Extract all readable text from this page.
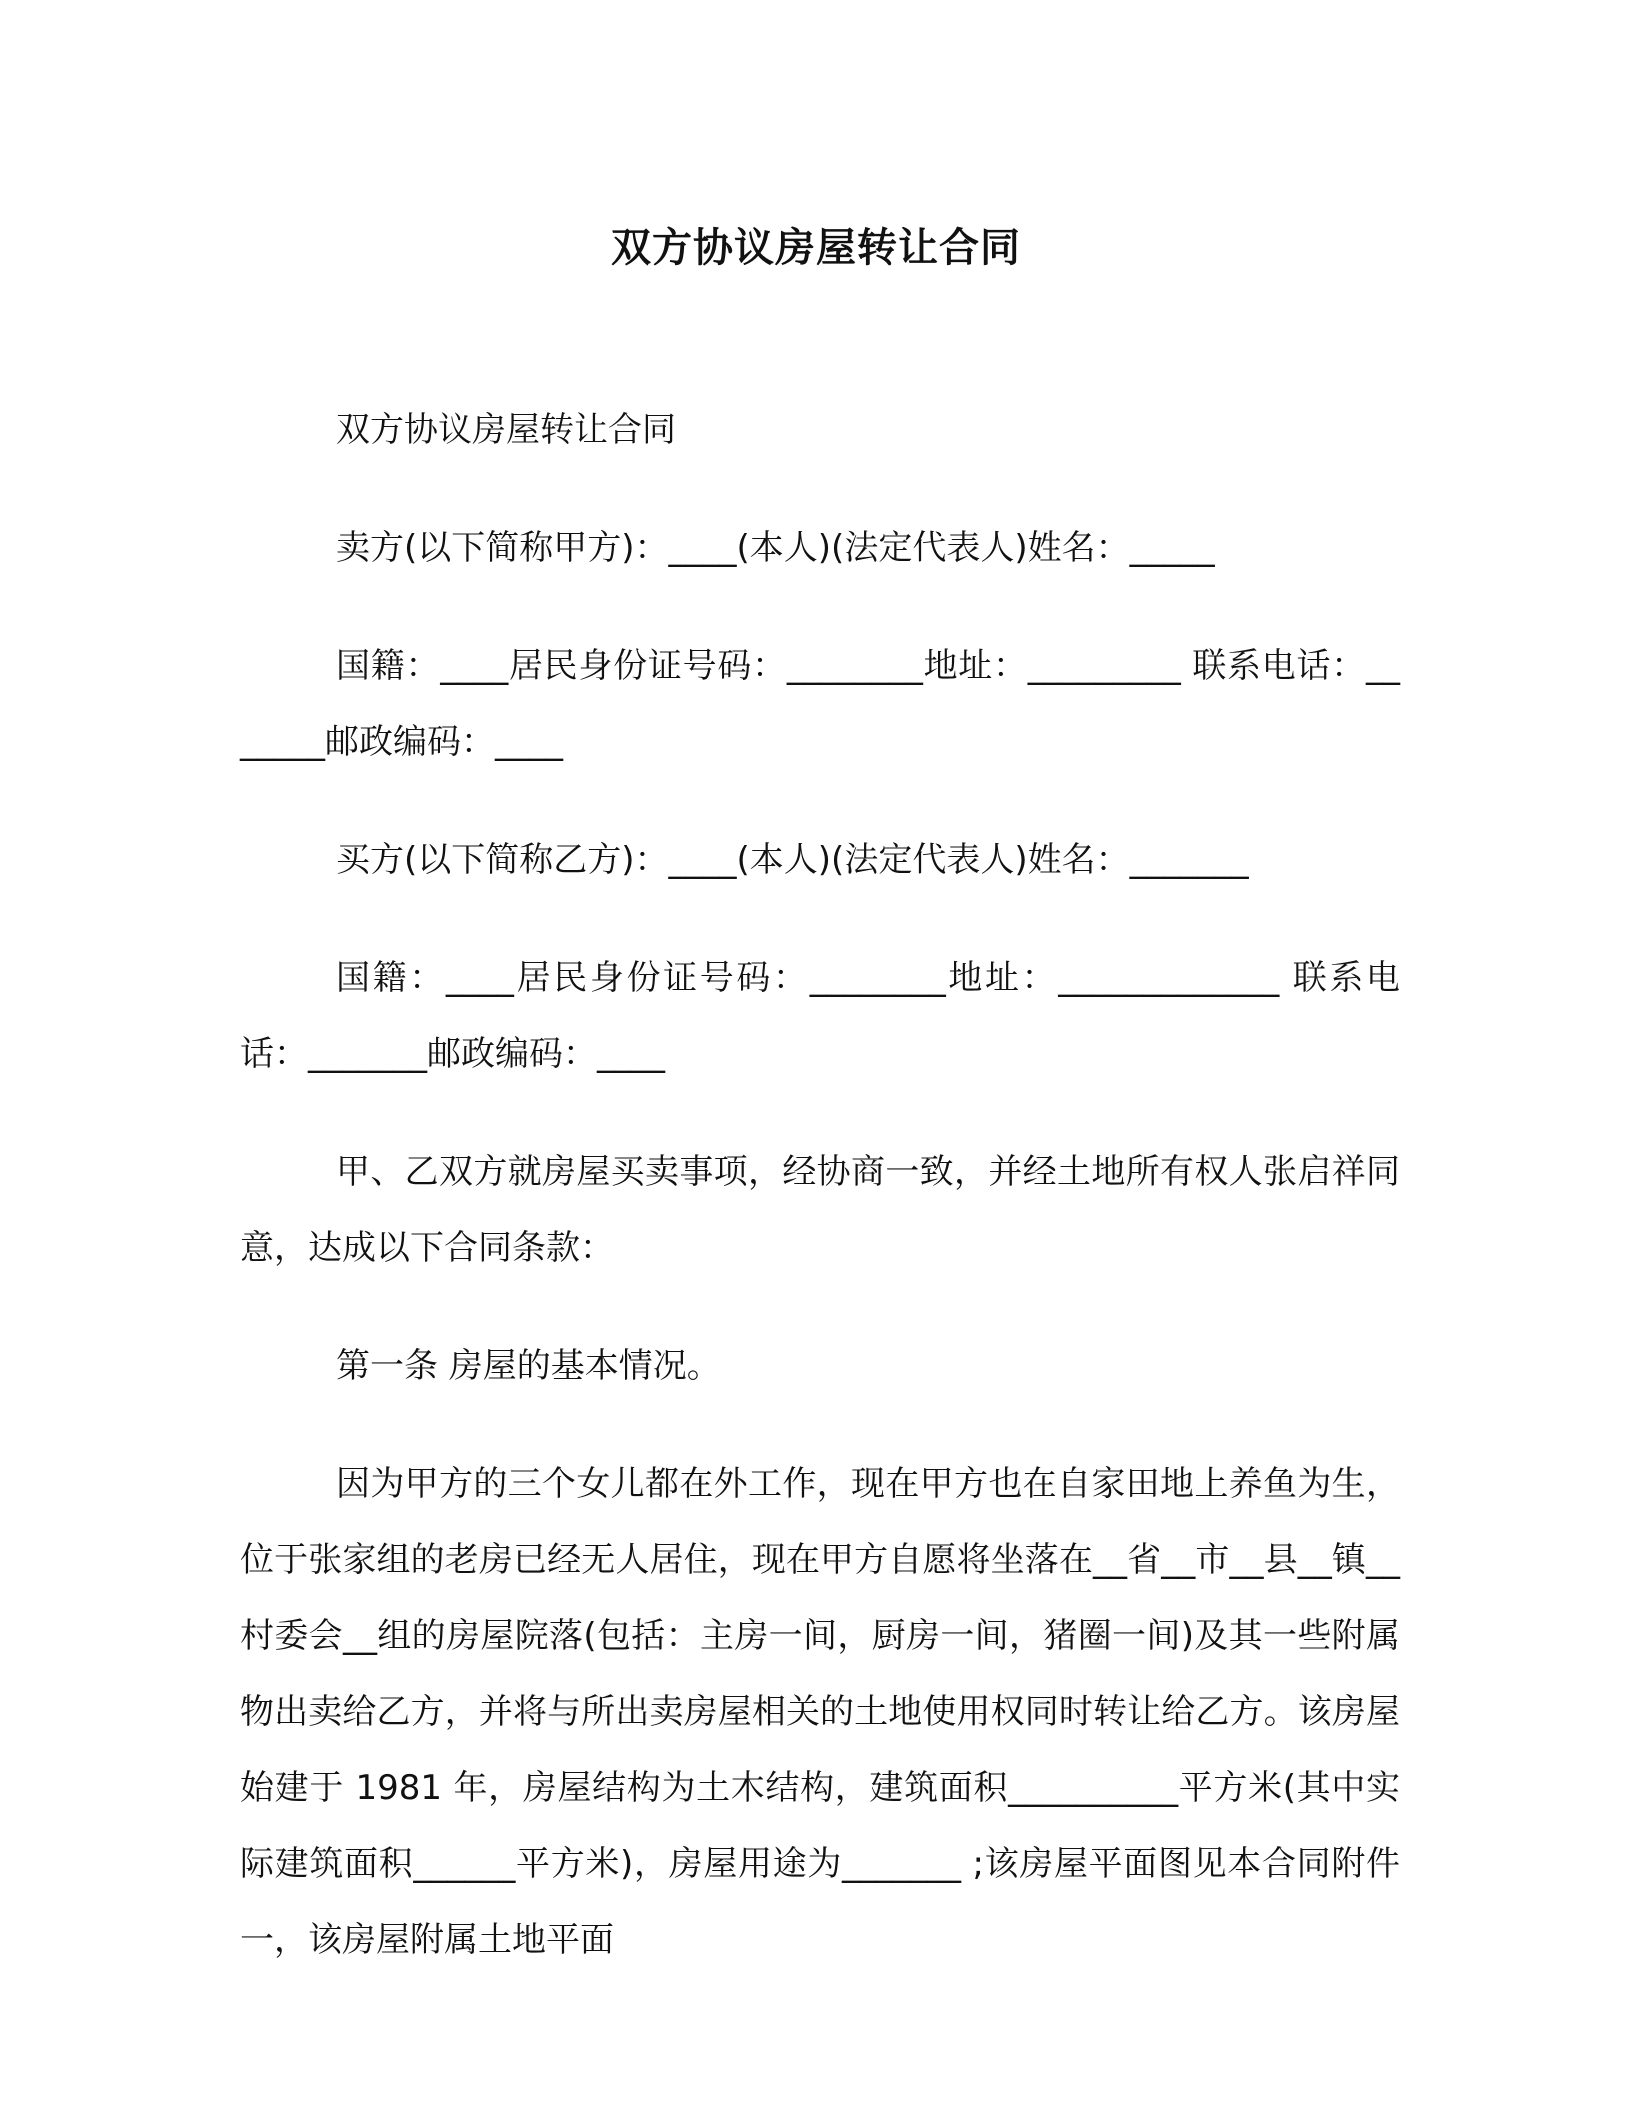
双方协议房屋转让合同

双方协议房屋转让合同

卖方(以下简称甲方)：____(本人)(法定代表人)姓名：_____

国籍：____居民身份证号码：________地址：_________ 联系电话：_______邮政编码：____

买方(以下简称乙方)：____(本人)(法定代表人)姓名：_______

国籍：____居民身份证号码：________地址：_____________ 联系电话：_______邮政编码：____

甲、乙双方就房屋买卖事项，经协商一致，并经土地所有权人张启祥同意，达成以下合同条款：

第一条 房屋的基本情况。

因为甲方的三个女儿都在外工作，现在甲方也在自家田地上养鱼为生，位于张家组的老房已经无人居住，现在甲方自愿将坐落在__省__市__县__镇__村委会__组的房屋院落(包括：主房一间，厨房一间，猪圈一间)及其一些附属物出卖给乙方，并将与所出卖房屋相关的土地使用权同时转让给乙方。该房屋始建于 1981 年，房屋结构为土木结构，建筑面积__________平方米(其中实际建筑面积______平方米)，房屋用途为_______ ;该房屋平面图见本合同附件一，该房屋附属土地平面
